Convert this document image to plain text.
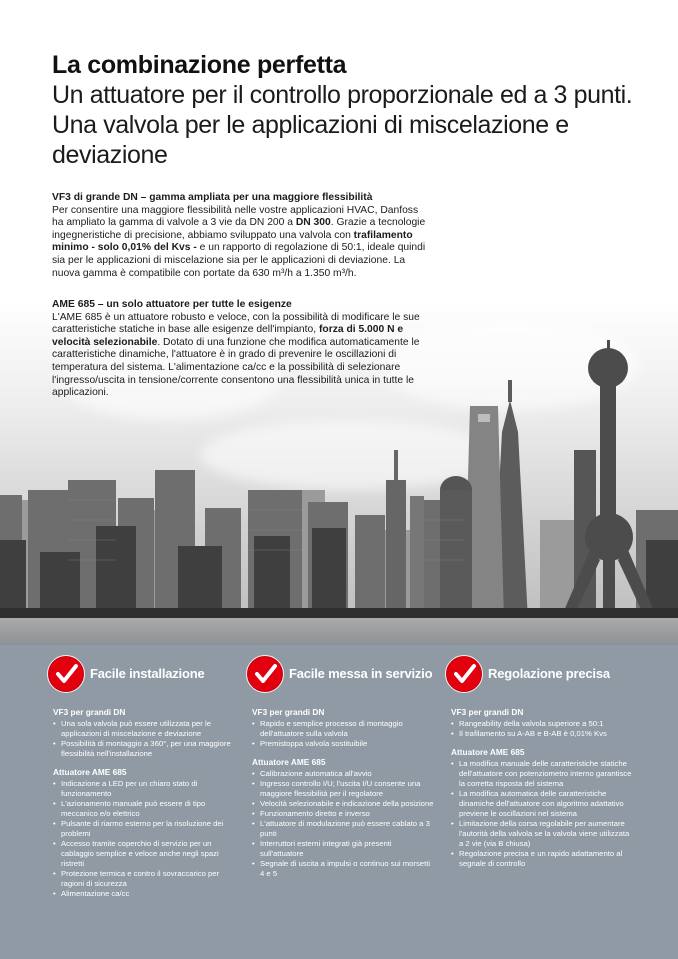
La combinazione perfetta
Un attuatore per il controllo proporzionale ed a 3 punti. Una valvola per le applicazioni di miscelazione e deviazione
VF3 di grande DN – gamma ampliata per una maggiore flessibilità

Per consentire una maggiore flessibilità nelle vostre applicazioni HVAC, Danfoss ha ampliato la gamma di valvole a 3 vie da DN 200 a DN 300. Grazie a tecnologie ingegneristiche di precisione, abbiamo sviluppato una valvola con trafilamento minimo - solo 0,01% del Kvs - e un rapporto di regolazione di 50:1, ideale quindi sia per le applicazioni di miscelazione sia per le applicazioni di deviazione. La nuova gamma è compatibile con portate da 630 m³/h a 1.350 m³/h.

AME 685 – un solo attuatore per tutte le esigenze

L'AME 685 è un attuatore robusto e veloce, con la possibilità di modificare le sue caratteristiche statiche in base alle esigenze dell'impianto, forza di 5.000 N e velocità selezionabile. Dotato di una funzione che modifica automaticamente le caratteristiche dinamiche, l'attuatore è in grado di prevenire le oscillazioni di temperatura del sistema. L'alimentazione ca/cc e la possibilità di selezionare l'ingresso/uscita in tensione/corrente consentono una flessibilità unica in tutte le applicazioni.

Facile installazione
VF3 per grandi DN
• Una sola valvola può essere utilizzata per le applicazioni di miscelazione e deviazione
• Possibilità di montaggio a 360°, per una maggiore flessibilità nell'installazione
Attuatore AME 685
• Indicazione a LED per un chiaro stato di funzionamento
• L'azionamento manuale può essere di tipo meccanico e/o elettrico
• Pulsante di riarmo esterno per la risoluzione dei problemi
• Accesso tramite coperchio di servizio per un cablaggio semplice e veloce anche negli spazi ristretti
• Protezione termica e contro il sovraccarico per ragioni di sicurezza
• Alimentazione ca/cc
Facile messa in servizio
VF3 per grandi DN
• Rapido e semplice processo di montaggio dell'attuatore sulla valvola
• Premistoppa valvola sostituibile
Attuatore AME 685
• Calibrazione automatica all'avvio
• Ingresso controllo I/U; l'uscita I/U consente una maggiore flessibilità per il regolatore
• Velocità selezionabile e indicazione della posizione
• Funzionamento diretto e inverso
• L'attuatore di modulazione può essere cablato a 3 punti
• Interruttori esterni integrati già presenti sull'attuatore
• Segnale di uscita a impulsi o continuo sui morsetti 4 e 5
Regolazione precisa
VF3 per grandi DN
• Rangeability della valvola superiore a 50:1
• Il trafilamento su A-AB e B-AB è 0,01% Kvs
Attuatore AME 685
• La modifica manuale delle caratteristiche statiche dell'attuatore con potenziometro interno garantisce la corretta risposta del sistema
• La modifica automatica delle caratteristiche dinamiche dell'attuatore con algoritmo adattativo previene le oscillazioni nel sistema
• Limitazione della corsa regolabile per aumentare l'autorità della valvola se la valvola viene utilizzata a 2 vie (via B chiusa)
• Regolazione precisa e un rapido adattamento al segnale di controllo
